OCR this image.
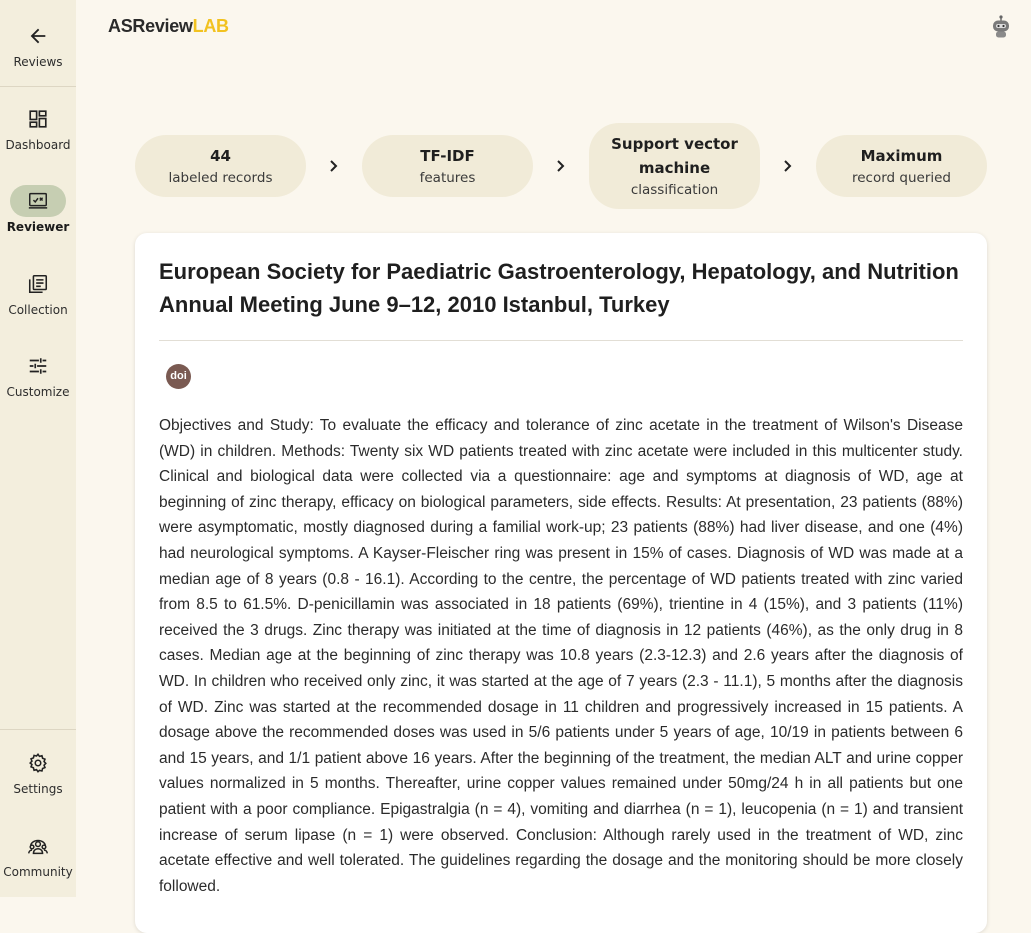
Reviews
Dashboard
Reviewer
Collection
Customize
Settings
Community
ASReviewLAB
44
labeled records
TF-IDF
features
Support vector machine
classification
Maximum
record queried
European Society for Paediatric Gastroenterology, Hepatology, and Nutrition Annual Meeting June 9–12, 2010 Istanbul, Turkey
doi

Objectives and Study: To evaluate the efficacy and tolerance of zinc acetate in the treatment of Wilson's Disease (WD) in children. Methods: Twenty six WD patients treated with zinc acetate were included in this multicenter study. Clinical and biological data were collected via a questionnaire: age and symptoms at diagnosis of WD, age at beginning of zinc therapy, efficacy on biological parameters, side effects. Results: At presentation, 23 patients (88%) were asymptomatic, mostly diagnosed during a familial work-up; 23 patients (88%) had liver disease, and one (4%) had neurological symptoms. A Kayser-Fleischer ring was present in 15% of cases. Diagnosis of WD was made at a median age of 8 years (0.8 - 16.1). According to the centre, the percentage of WD patients treated with zinc varied from 8.5 to 61.5%. D-penicillamin was associated in 18 patients (69%), trientine in 4 (15%), and 3 patients (11%) received the 3 drugs. Zinc therapy was initiated at the time of diagnosis in 12 patients (46%), as the only drug in 8 cases. Median age at the beginning of zinc therapy was 10.8 years (2.3-12.3) and 2.6 years after the diagnosis of WD. In children who received only zinc, it was started at the age of 7 years (2.3 - 11.1), 5 months after the diagnosis of WD. Zinc was started at the recommended dosage in 11 children and progressively increased in 15 patients. A dosage above the recommended doses was used in 5/6 patients under 5 years of age, 10/19 in patients between 6 and 15 years, and 1/1 patient above 16 years. After the beginning of the treatment, the median ALT and urine copper values normalized in 5 months. Thereafter, urine copper values remained under 50mg/24 h in all patients but one patient with a poor compliance. Epigastralgia (n = 4), vomiting and diarrhea (n = 1), leucopenia (n = 1) and transient increase of serum lipase (n = 1) were observed. Conclusion: Although rarely used in the treatment of WD, zinc acetate effective and well tolerated. The guidelines regarding the dosage and the monitoring should be more closely followed.
